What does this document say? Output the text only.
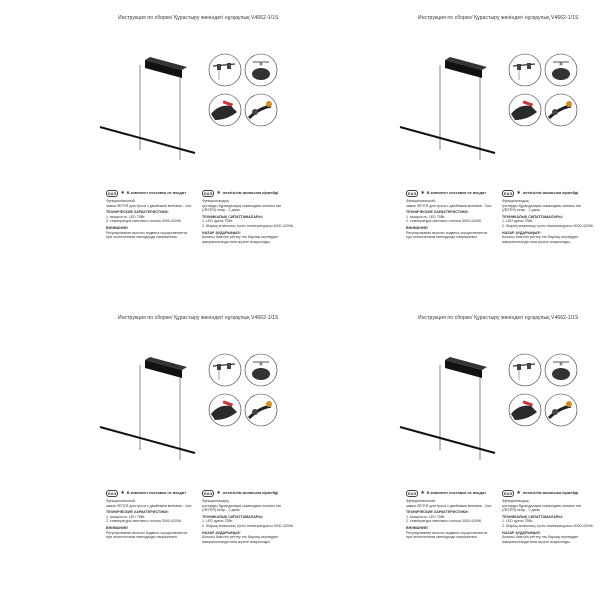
Инструкция по сборке/ Құрастыру жөніндегі нұсқаулық V4662-1/1S
ЕАЭ ★ В комплект поставки не входит
Функциональный:
замки ЛЕГЕЯ для троса с двойными винтами - 2шт.
ТЕХНИЧЕСКИЕ ХАРАКТЕРИСТИКИ:
1. мощность: LED 75Вт.
2. температура светового потока 3000-4200К.
ВНИМАНИЕ!
Регулирование высоты подвеса осуществляется
при отключенном светодиоде напряжении.
ЕАЭ ★ жеткізілім жинағына кірмейді
Функционалдық:
қостарды бұрандалары сымындағы зоналы ған
(ЛЕГЕЯ) кесір - 2 дана.
ТЕХНИКАЛЫҚ СИПАТТАМАЛАРЫ:
1. LED қуаты 75Вт.
2. Жарық ағынының түстік температурасы 3000-4200К.
НАЗАР АУДАРЫҢЫЗ!
Аспалы биіктігін реттеу тек барлық кернеуден
ажыратылғанда ғана жүзеге асырылады.
Инструкция по сборке/ Құрастыру жөніндегі нұсқаулық V4662-1/1S
ЕАЭ ★ В комплект поставки не входит
Функциональный:
замки ЛЕГЕЯ для троса с двойными винтами - 2шт.
ТЕХНИЧЕСКИЕ ХАРАКТЕРИСТИКИ:
1. мощность: LED 75Вт.
2. температура светового потока 3000-4200К.
ВНИМАНИЕ!
Регулирование высоты подвеса осуществляется
при отключенном светодиоде напряжении.
ЕАЭ ★ жеткізілім жинағына кірмейді
Функционалдық:
қостарды бұрандалары сымындағы зоналы ған
(ЛЕГЕЯ) кесір - 2 дана.
ТЕХНИКАЛЫҚ СИПАТТАМАЛАРЫ:
1. LED қуаты 75Вт.
2. Жарық ағынының түстік температурасы 3000-4200К.
НАЗАР АУДАРЫҢЫЗ!
Аспалы биіктігін реттеу тек барлық кернеуден
ажыратылғанда ғана жүзеге асырылады.
Инструкция по сборке/ Құрастыру жөніндегі нұсқаулық V4662-1/1S
ЕАЭ ★ В комплект поставки не входит
Функциональный:
замки ЛЕГЕЯ для троса с двойными винтами - 2шт.
ТЕХНИЧЕСКИЕ ХАРАКТЕРИСТИКИ:
1. мощность: LED 75Вт.
2. температура светового потока 3000-4200К.
ВНИМАНИЕ!
Регулирование высоты подвеса осуществляется
при отключенном светодиоде напряжении.
ЕАЭ ★ жеткізілім жинағына кірмейді
Функционалдық:
қостарды бұрандалары сымындағы зоналы ған
(ЛЕГЕЯ) кесір - 2 дана.
ТЕХНИКАЛЫҚ СИПАТТАМАЛАРЫ:
1. LED қуаты 75Вт.
2. Жарық ағынының түстік температурасы 3000-4200К.
НАЗАР АУДАРЫҢЫЗ!
Аспалы биіктігін реттеу тек барлық кернеуден
ажыратылғанда ғана жүзеге асырылады.
Инструкция по сборке/ Құрастыру жөніндегі нұсқаулық V4662-1/1S
ЕАЭ ★ В комплект поставки не входит
Функциональный:
замки ЛЕГЕЯ для троса с двойными винтами - 2шт.
ТЕХНИЧЕСКИЕ ХАРАКТЕРИСТИКИ:
1. мощность: LED 75Вт.
2. температура светового потока 3000-4200К.
ВНИМАНИЕ!
Регулирование высоты подвеса осуществляется
при отключенном светодиоде напряжении.
ЕАЭ ★ жеткізілім жинағына кірмейді
Функционалдық:
қостарды бұрандалары сымындағы зоналы ған
(ЛЕГЕЯ) кесір - 2 дана.
ТЕХНИКАЛЫҚ СИПАТТАМАЛАРЫ:
1. LED қуаты 75Вт.
2. Жарық ағынының түстік температурасы 3000-4200К.
НАЗАР АУДАРЫҢЫЗ!
Аспалы биіктігін реттеу тек барлық кернеуден
ажыратылғанда ғана жүзеге асырылады.
